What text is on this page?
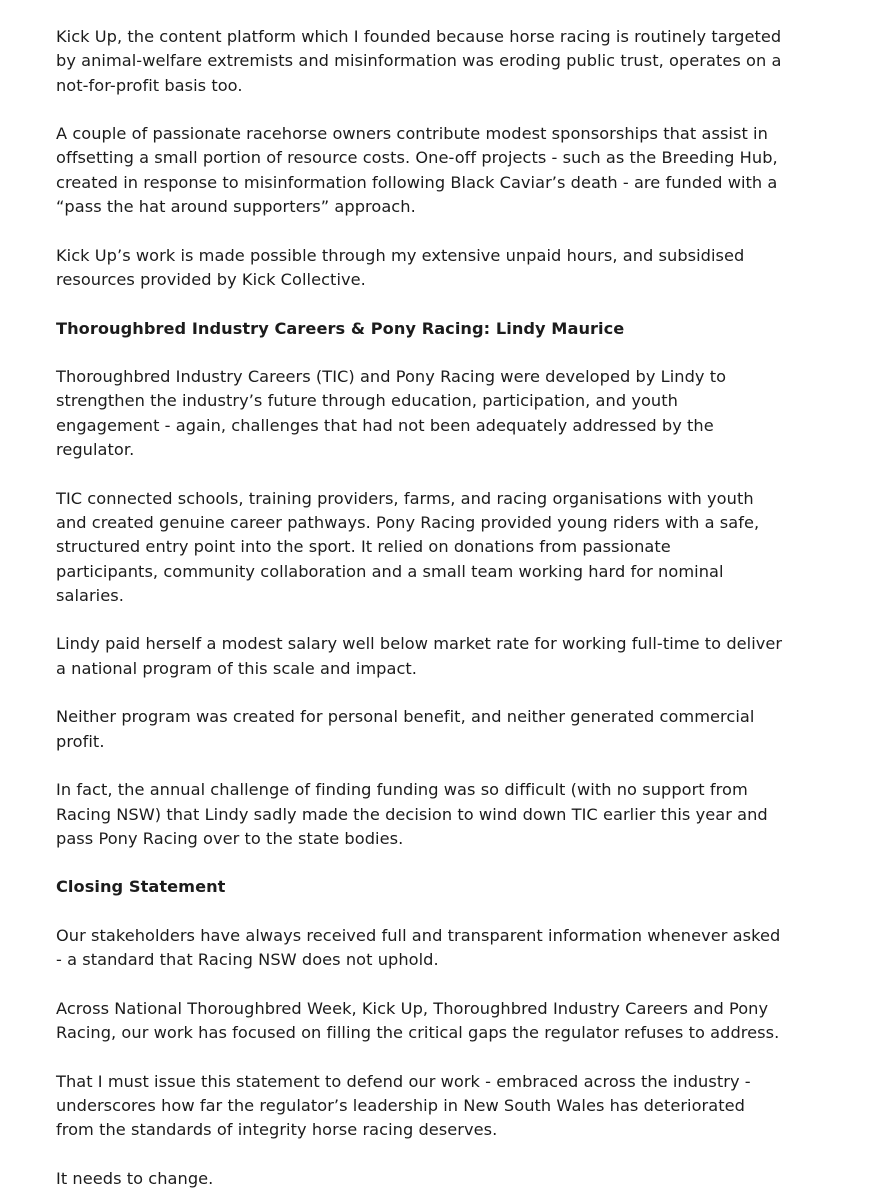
Kick Up, the content platform which I founded because horse racing is routinely targeted

by animal-welfare extremists and misinformation was eroding public trust, operates on a

not-for-profit basis too.

A couple of passionate racehorse owners contribute modest sponsorships that assist in

offsetting a small portion of resource costs. One-off projects - such as the Breeding Hub,

created in response to misinformation following Black Caviar’s death - are funded with a

“pass the hat around supporters” approach.

Kick Up’s work is made possible through my extensive unpaid hours, and subsidised

resources provided by Kick Collective.

Thoroughbred Industry Careers & Pony Racing: Lindy Maurice

Thoroughbred Industry Careers (TIC) and Pony Racing were developed by Lindy to

strengthen the industry’s future through education, participation, and youth

engagement - again, challenges that had not been adequately addressed by the

regulator.

TIC connected schools, training providers, farms, and racing organisations with youth

and created genuine career pathways. Pony Racing provided young riders with a safe,

structured entry point into the sport. It relied on donations from passionate

participants, community collaboration and a small team working hard for nominal

salaries.

Lindy paid herself a modest salary well below market rate for working full-time to deliver

a national program of this scale and impact.

Neither program was created for personal benefit, and neither generated commercial

profit.

In fact, the annual challenge of finding funding was so difficult (with no support from

Racing NSW) that Lindy sadly made the decision to wind down TIC earlier this year and

pass Pony Racing over to the state bodies.

Closing Statement

Our stakeholders have always received full and transparent information whenever asked

- a standard that Racing NSW does not uphold.

Across National Thoroughbred Week, Kick Up, Thoroughbred Industry Careers and Pony

Racing, our work has focused on filling the critical gaps the regulator refuses to address.

That I must issue this statement to defend our work - embraced across the industry -

underscores how far the regulator’s leadership in New South Wales has deteriorated

from the standards of integrity horse racing deserves.

It needs to change.
